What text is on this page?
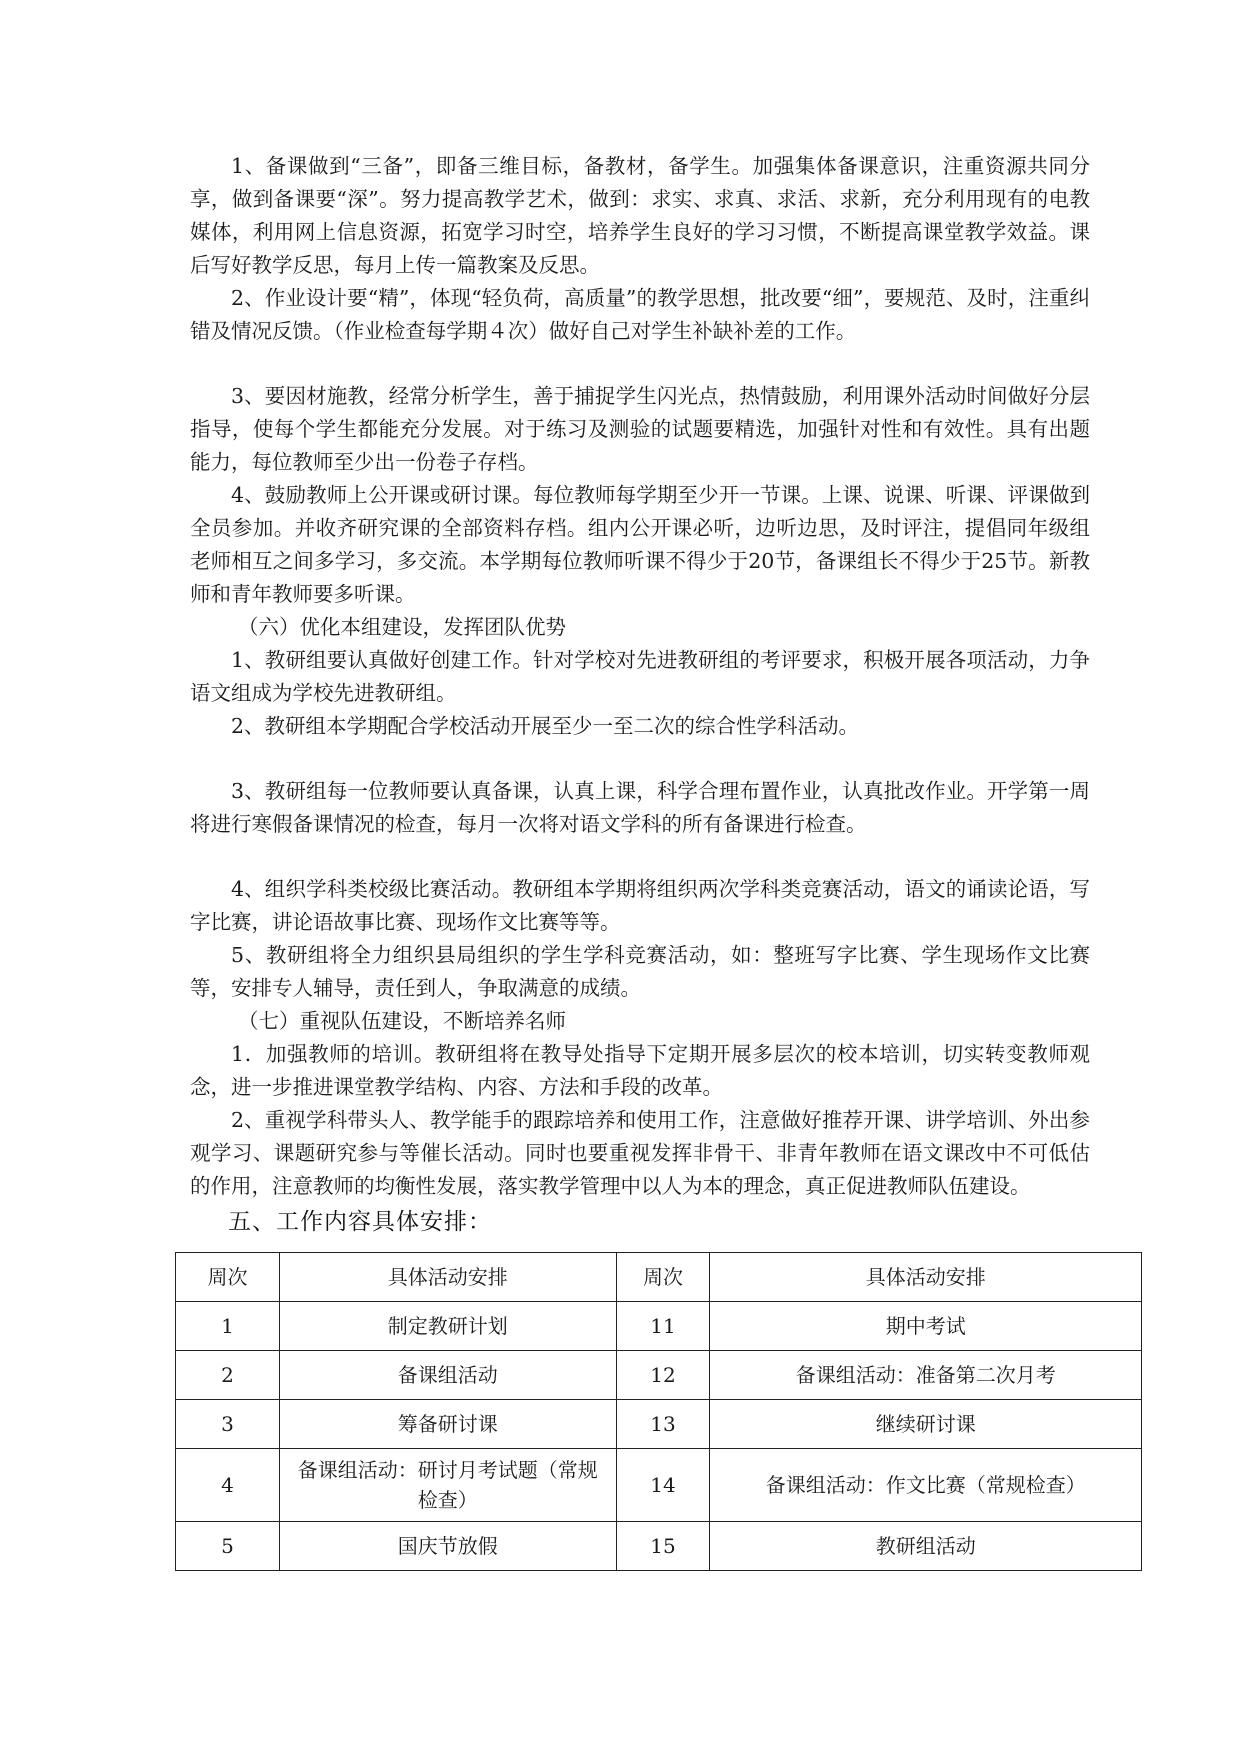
1、备课做到“三备”，即备三维目标，备教材，备学生。加强集体备课意识，注重资源共同分享，做到备课要“深”。努力提高教学艺术，做到：求实、求真、求活、求新，充分利用现有的电教媒体，利用网上信息资源，拓宽学习时空，培养学生良好的学习习惯，不断提高课堂教学效益。课后写好教学反思，每月上传一篇教案及反思。

2、作业设计要“精”，体现“轻负荷，高质量”的教学思想，批改要“细”，要规范、及时，注重纠错及情况反馈。（作业检查每学期４次）做好自己对学生补缺补差的工作。

3、要因材施教，经常分析学生，善于捕捉学生闪光点，热情鼓励，利用课外活动时间做好分层指导，使每个学生都能充分发展。对于练习及测验的试题要精选，加强针对性和有效性。具有出题能力，每位教师至少出一份卷子存档。

4、鼓励教师上公开课或研讨课。每位教师每学期至少开一节课。上课、说课、听课、评课做到全员参加。并收齐研究课的全部资料存档。组内公开课必听，边听边思，及时评注，提倡同年级组老师相互之间多学习，多交流。本学期每位教师听课不得少于20节，备课组长不得少于25节。新教师和青年教师要多听课。

（六）优化本组建设，发挥团队优势

1、教研组要认真做好创建工作。针对学校对先进教研组的考评要求，积极开展各项活动，力争语文组成为学校先进教研组。

2、教研组本学期配合学校活动开展至少一至二次的综合性学科活动。

3、教研组每一位教师要认真备课，认真上课，科学合理布置作业，认真批改作业。开学第一周将进行寒假备课情况的检查，每月一次将对语文学科的所有备课进行检查。

4、组织学科类校级比赛活动。教研组本学期将组织两次学科类竞赛活动，语文的诵读论语，写字比赛，讲论语故事比赛、现场作文比赛等等。

5、教研组将全力组织县局组织的学生学科竞赛活动，如：整班写字比赛、学生现场作文比赛等，安排专人辅导，责任到人，争取满意的成绩。

（七）重视队伍建设，不断培养名师

1．加强教师的培训。教研组将在教导处指导下定期开展多层次的校本培训，切实转变教师观念，进一步推进课堂教学结构、内容、方法和手段的改革。

2、重视学科带头人、教学能手的跟踪培养和使用工作，注意做好推荐开课、讲学培训、外出参观学习、课题研究参与等催长活动。同时也要重视发挥非骨干、非青年教师在语文课改中不可低估的作用，注意教师的均衡性发展，落实教学管理中以人为本的理念，真正促进教师队伍建设。

五、工作内容具体安排：
周次	具体活动安排	周次	具体活动安排
1	制定教研计划	11	期中考试
2	备课组活动	12	备课组活动：准备第二次月考
3	筹备研讨课	13	继续研讨课
4	备课组活动：研讨月考试题（常规检查）	14	备课组活动：作文比赛（常规检查）
5	国庆节放假	15	教研组活动
